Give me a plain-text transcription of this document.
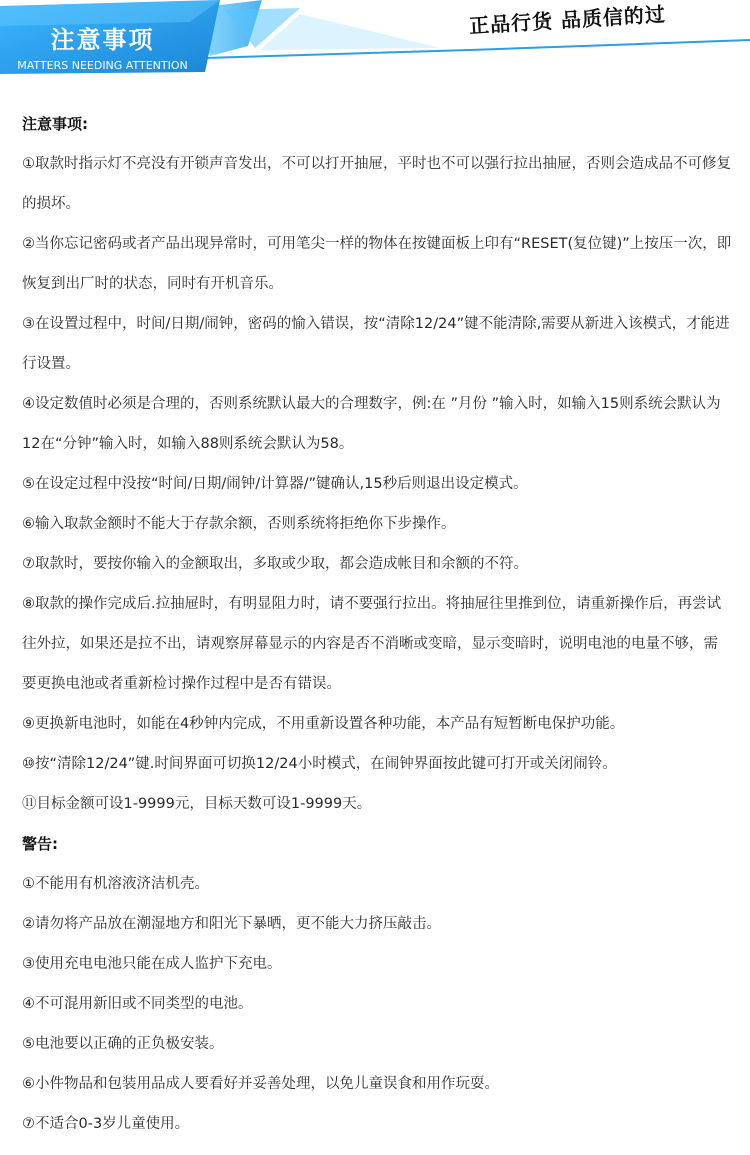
注意事项
MATTERS NEEDING ATTENTION
正品行货 品质信的过

注意事项:

①取款时指示灯不亮没有开锁声音发出，不可以打开抽屉，平时也不可以强行拉出抽屉，否则会造成品不可修复的损坏。

②当你忘记密码或者产品出现异常时，可用笔尖一样的物体在按键面板上印有“RESET(复位键)”上按压一次，即恢复到出厂时的状态，同时有开机音乐。

③在设置过程中，时间/日期/闹钟，密码的愉入错误，按“清除12/24”键不能清除,需要从新进入该模式，才能进行设置。

④设定数值时必须是合理的，否则系统默认最大的合理数字，例:在 ”月份 ”输入时，如输入15则系统会默认为12在“分钟”输入时，如输入88则系统会默认为58。

⑤在设定过程中没按“时间/日期/闹钟/计算器/”键确认,15秒后则退出设定模式。

⑥输入取款金额时不能大于存款余额，否则系统将拒绝你下步操作。

⑦取款时，要按你输入的金额取出，多取或少取，都会造成帐目和余额的不符。

⑧取款的操作完成后.拉抽屉时，有明显阻力时，请不要强行拉出。将抽屉往里推到位，请重新操作后，再尝试往外拉，如果还是拉不出，请观察屏幕显示的内容是否不消晰或变暗，显示变暗时，说明电池的电量不够，需要更换电池或者重新检讨操作过程中是否有错误。

⑨更换新电池时，如能在4秒钟内完成，不用重新设置各种功能，本产品有短暂断电保护功能。

⑩按“清除12/24”键.时间界面可切换12/24小时模式，在闹钟界面按此键可打开或关闭闹铃。

⑪目标金额可设1-9999元，目标天数可设1-9999天。

警告:

①不能用有机溶液济洁机壳。

②请勿将产品放在潮湿地方和阳光下暴晒，更不能大力挤压敲击。

③使用充电电池只能在成人监护下充电。

④不可混用新旧或不同类型的电池。

⑤电池要以正确的正负极安装。

⑥小件物品和包装用品成人要看好并妥善处理，以免儿童误食和用作玩耍。

⑦不适合0-3岁儿童使用。
